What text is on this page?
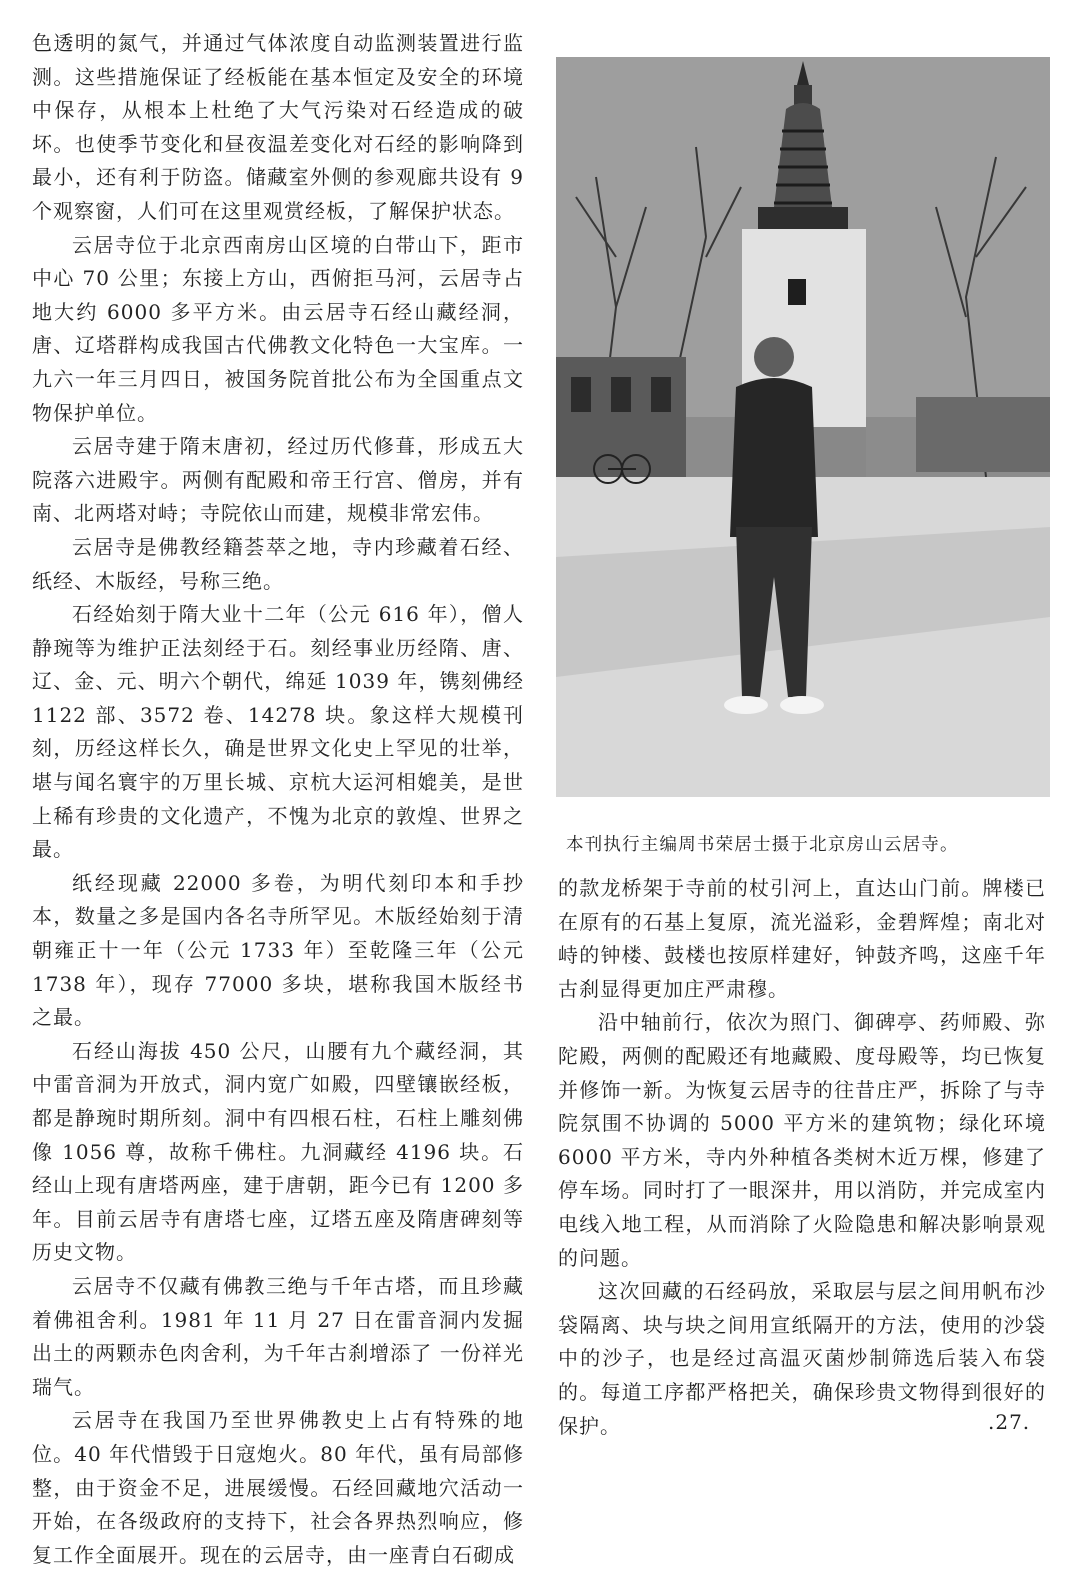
色透明的氮气，并通过气体浓度自动监测装置进行监测。这些措施保证了经板能在基本恒定及安全的环境中保存，从根本上杜绝了大气污染对石经造成的破坏。也使季节变化和昼夜温差变化对石经的影响降到最小，还有利于防盗。储藏室外侧的参观廊共设有 9 个观察窗，人们可在这里观赏经板，了解保护状态。

云居寺位于北京西南房山区境的白带山下，距市中心 70 公里；东接上方山，西俯拒马河，云居寺占地大约 6000 多平方米。由云居寺石经山藏经洞，唐、辽塔群构成我国古代佛教文化特色一大宝库。一九六一年三月四日，被国务院首批公布为全国重点文物保护单位。

云居寺建于隋末唐初，经过历代修葺，形成五大院落六进殿宇。两侧有配殿和帝王行宫、僧房，并有南、北两塔对峙；寺院依山而建，规模非常宏伟。

云居寺是佛教经籍荟萃之地，寺内珍藏着石经、纸经、木版经，号称三绝。

石经始刻于隋大业十二年（公元 616 年），僧人静琬等为维护正法刻经于石。刻经事业历经隋、唐、辽、金、元、明六个朝代，绵延 1039 年，镌刻佛经 1122 部、3572 卷、14278 块。象这样大规模刊刻，历经这样长久，确是世界文化史上罕见的壮举，堪与闻名寰宇的万里长城、京杭大运河相媲美，是世上稀有珍贵的文化遗产，不愧为北京的敦煌、世界之最。

纸经现藏 22000 多卷，为明代刻印本和手抄本，数量之多是国内各名寺所罕见。木版经始刻于清朝雍正十一年（公元 1733 年）至乾隆三年（公元 1738 年），现存 77000 多块，堪称我国木版经书之最。

石经山海拔 450 公尺，山腰有九个藏经洞，其中雷音洞为开放式，洞内宽广如殿，四壁镶嵌经板，都是静琬时期所刻。洞中有四根石柱，石柱上雕刻佛像 1056 尊，故称千佛柱。九洞藏经 4196 块。石经山上现有唐塔两座，建于唐朝，距今已有 1200 多年。目前云居寺有唐塔七座，辽塔五座及隋唐碑刻等历史文物。

云居寺不仅藏有佛教三绝与千年古塔，而且珍藏着佛祖舍利。1981 年 11 月 27 日在雷音洞内发掘出土的两颗赤色肉舍利，为千年古刹增添了 一份祥光瑞气。

云居寺在我国乃至世界佛教史上占有特殊的地位。40 年代惜毁于日寇炮火。80 年代，虽有局部修整，由于资金不足，进展缓慢。石经回藏地穴活动一开始，在各级政府的支持下，社会各界热烈响应，修复工作全面展开。现在的云居寺，由一座青白石砌成

本刊执行主编周书荣居士摄于北京房山云居寺。

的款龙桥架于寺前的杖引河上，直达山门前。牌楼已在原有的石基上复原，流光溢彩，金碧辉煌；南北对峙的钟楼、鼓楼也按原样建好，钟鼓齐鸣，这座千年古刹显得更加庄严肃穆。

沿中轴前行，依次为照门、御碑亭、药师殿、弥陀殿，两侧的配殿还有地藏殿、度母殿等，均已恢复并修饰一新。为恢复云居寺的往昔庄严，拆除了与寺院氛围不协调的 5000 平方米的建筑物；绿化环境 6000 平方米，寺内外种植各类树木近万棵，修建了停车场。同时打了一眼深井，用以消防，并完成室内电线入地工程，从而消除了火险隐患和解决影响景观的问题。

这次回藏的石经码放，采取层与层之间用帆布沙袋隔离、块与块之间用宣纸隔开的方法，使用的沙袋中的沙子，也是经过高温灭菌炒制筛选后装入布袋的。每道工序都严格把关，确保珍贵文物得到很好的保护。	.27.
